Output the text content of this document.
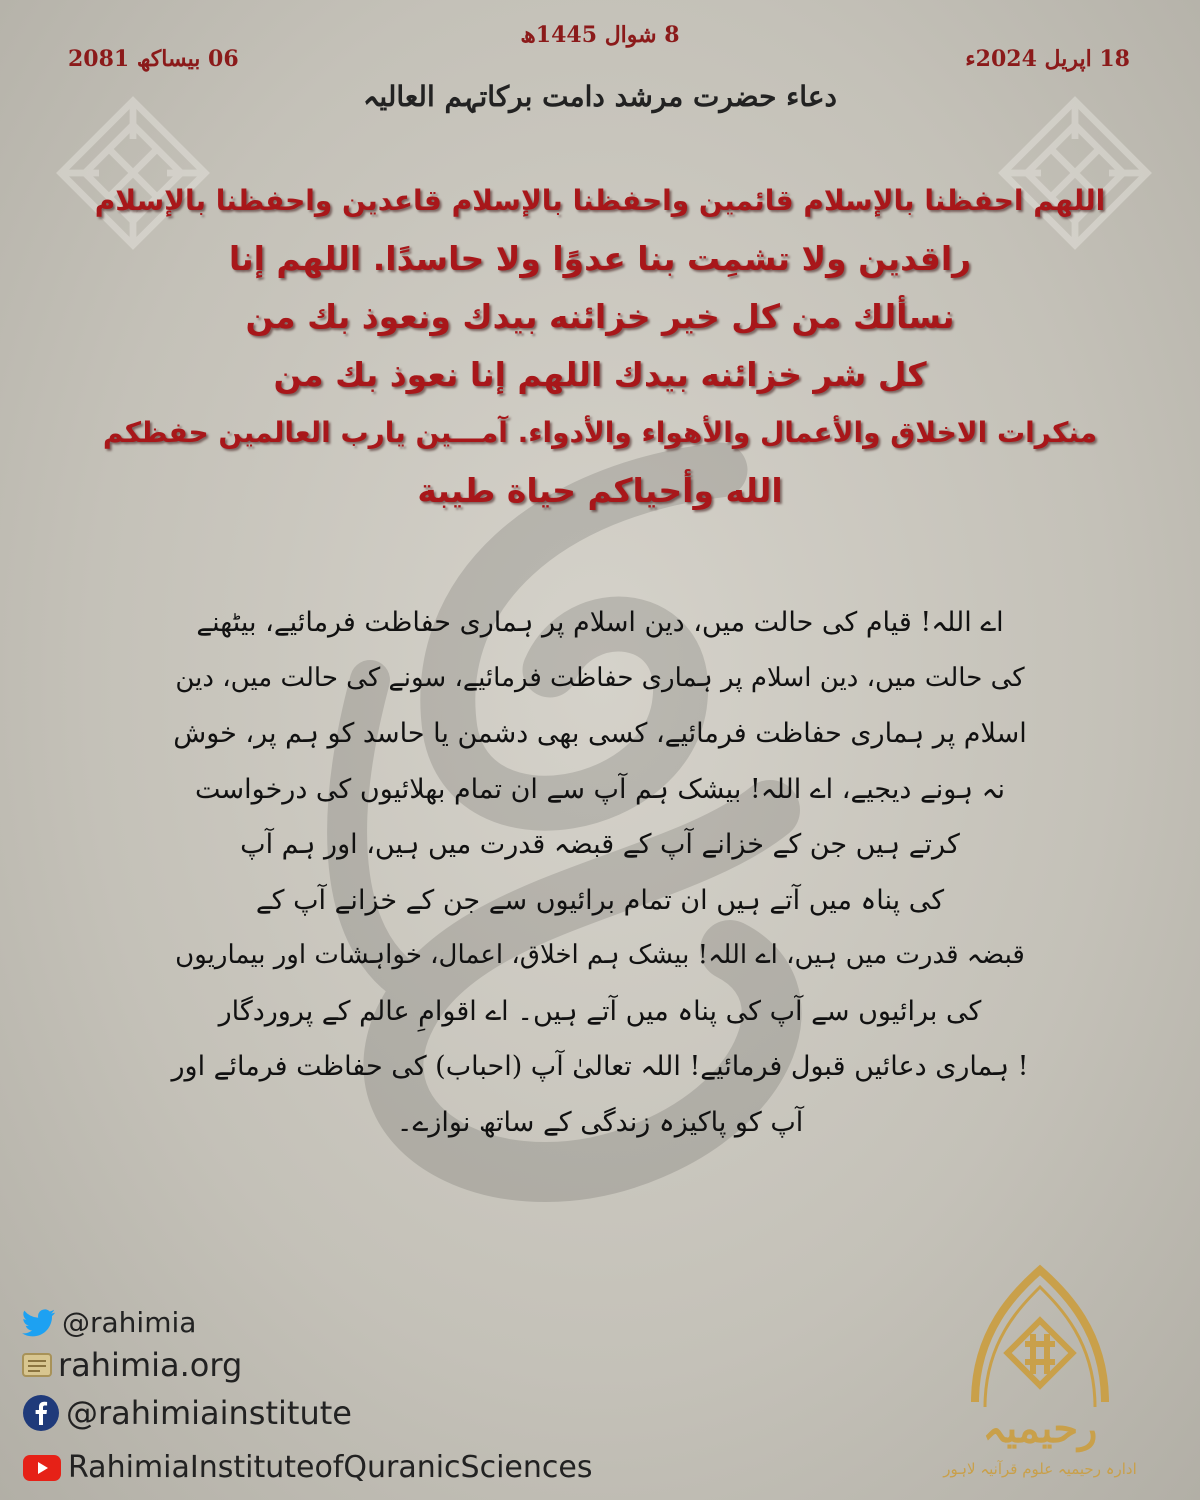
8 شوال 1445ھ
18 اپریل 2024ء
06 بیساکھ 2081
دعاء حضرت مرشد دامت برکاتہم العالیہ
اللھم احفظنا بالإسلام قائمین واحفظنا بالإسلام قاعدین واحفظنا بالإسلام
راقدین ولا تشمِت بنا عدوًا ولا حاسدًا. اللھم إنا
نسألك من كل خیر خزائنه بیدك ونعوذ بك من
كل شر خزائنه بیدك اللھم إنا نعوذ بك من
منكرات الاخلاق والأعمال والأهواء والأدواء. آمـــین یارب العالمین حفظكم
الله وأحیاكم حیاة طیبة
اے اللہ! قیام کی حالت میں، دین اسلام پر ہماری حفاظت فرمائیے، بیٹھنے
کی حالت میں، دین اسلام پر ہماری حفاظت فرمائیے، سونے کی حالت میں، دین
اسلام پر ہماری حفاظت فرمائیے، کسی بھی دشمن یا حاسد کو ہم پر، خوش
نہ ہونے دیجیے، اے اللہ! بیشک ہم آپ سے ان تمام بھلائیوں کی درخواست
کرتے ہیں جن کے خزانے آپ کے قبضہ قدرت میں ہیں، اور ہم آپ
کی پناہ میں آتے ہیں ان تمام برائیوں سے جن کے خزانے آپ کے
قبضہ قدرت میں ہیں، اے اللہ! بیشک ہم اخلاق، اعمال، خواہشات اور بیماریوں
کی برائیوں سے آپ کی پناہ میں آتے ہیں۔ اے اقوامِ عالم کے پروردگار
! ہماری دعائیں قبول فرمائیے! اللہ تعالیٰ آپ (احباب) کی حفاظت فرمائے اور
آپ کو پاکیزہ زندگی کے ساتھ نوازے۔
@rahimia
rahimia.org
@rahimiainstitute
RahimiaInstituteofQuranicSciences
رحیمیہ
ادارہ رحیمیہ علوم قرآنیہ لاہور
